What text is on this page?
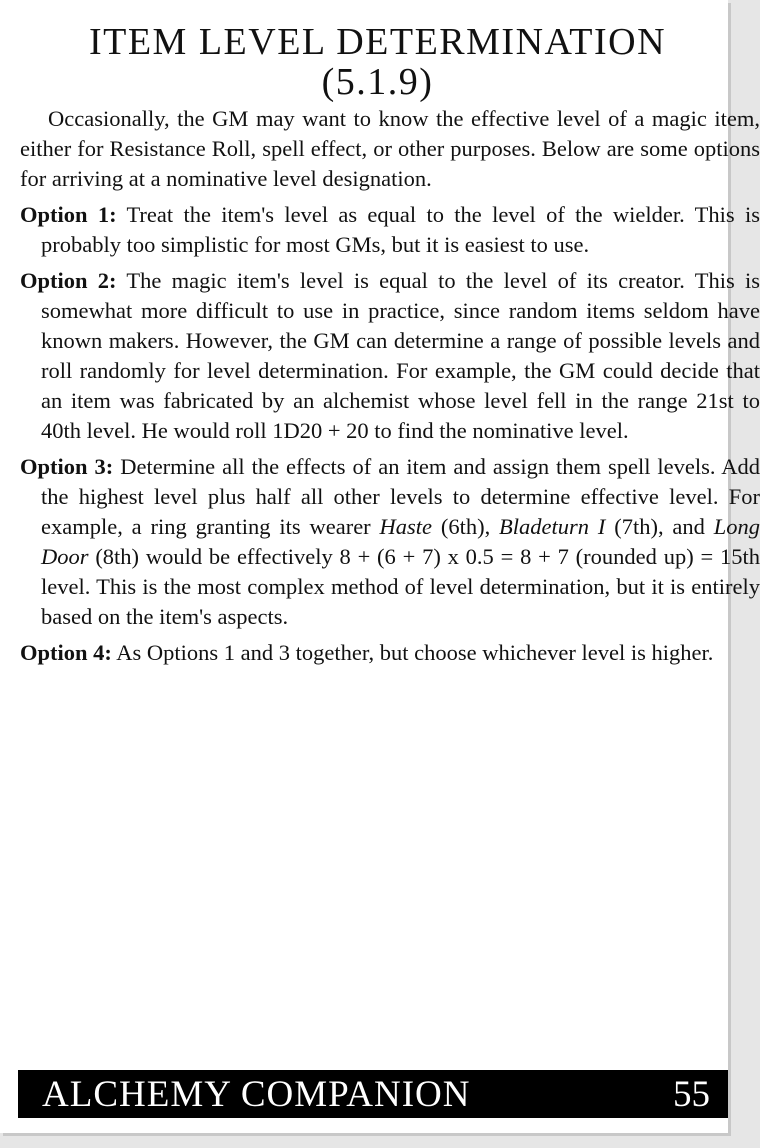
ITEM LEVEL DETERMINATION
(5.1.9)

Occasionally, the GM may want to know the effective level of a magic item, either for Resistance Roll, spell effect, or other purposes. Below are some options for arriving at a nominative level designation.

Option 1: Treat the item's level as equal to the level of the wielder. This is probably too simplistic for most GMs, but it is easiest to use.

Option 2: The magic item's level is equal to the level of its creator. This is somewhat more difficult to use in practice, since random items seldom have known makers. However, the GM can determine a range of possible levels and roll randomly for level determination. For example, the GM could decide that an item was fabricated by an alchemist whose level fell in the range 21st to 40th level. He would roll 1D20 + 20 to find the nominative level.

Option 3: Determine all the effects of an item and assign them spell levels. Add the highest level plus half all other levels to determine effective level. For example, a ring granting its wearer Haste (6th), Bladeturn I (7th), and Long Door (8th) would be effectively 8 + (6 + 7) x 0.5 = 8 + 7 (rounded up) = 15th level. This is the most complex method of level determination, but it is entirely based on the item's aspects.

Option 4: As Options 1 and 3 together, but choose whichever level is higher.

ALCHEMY COMPANION	55
